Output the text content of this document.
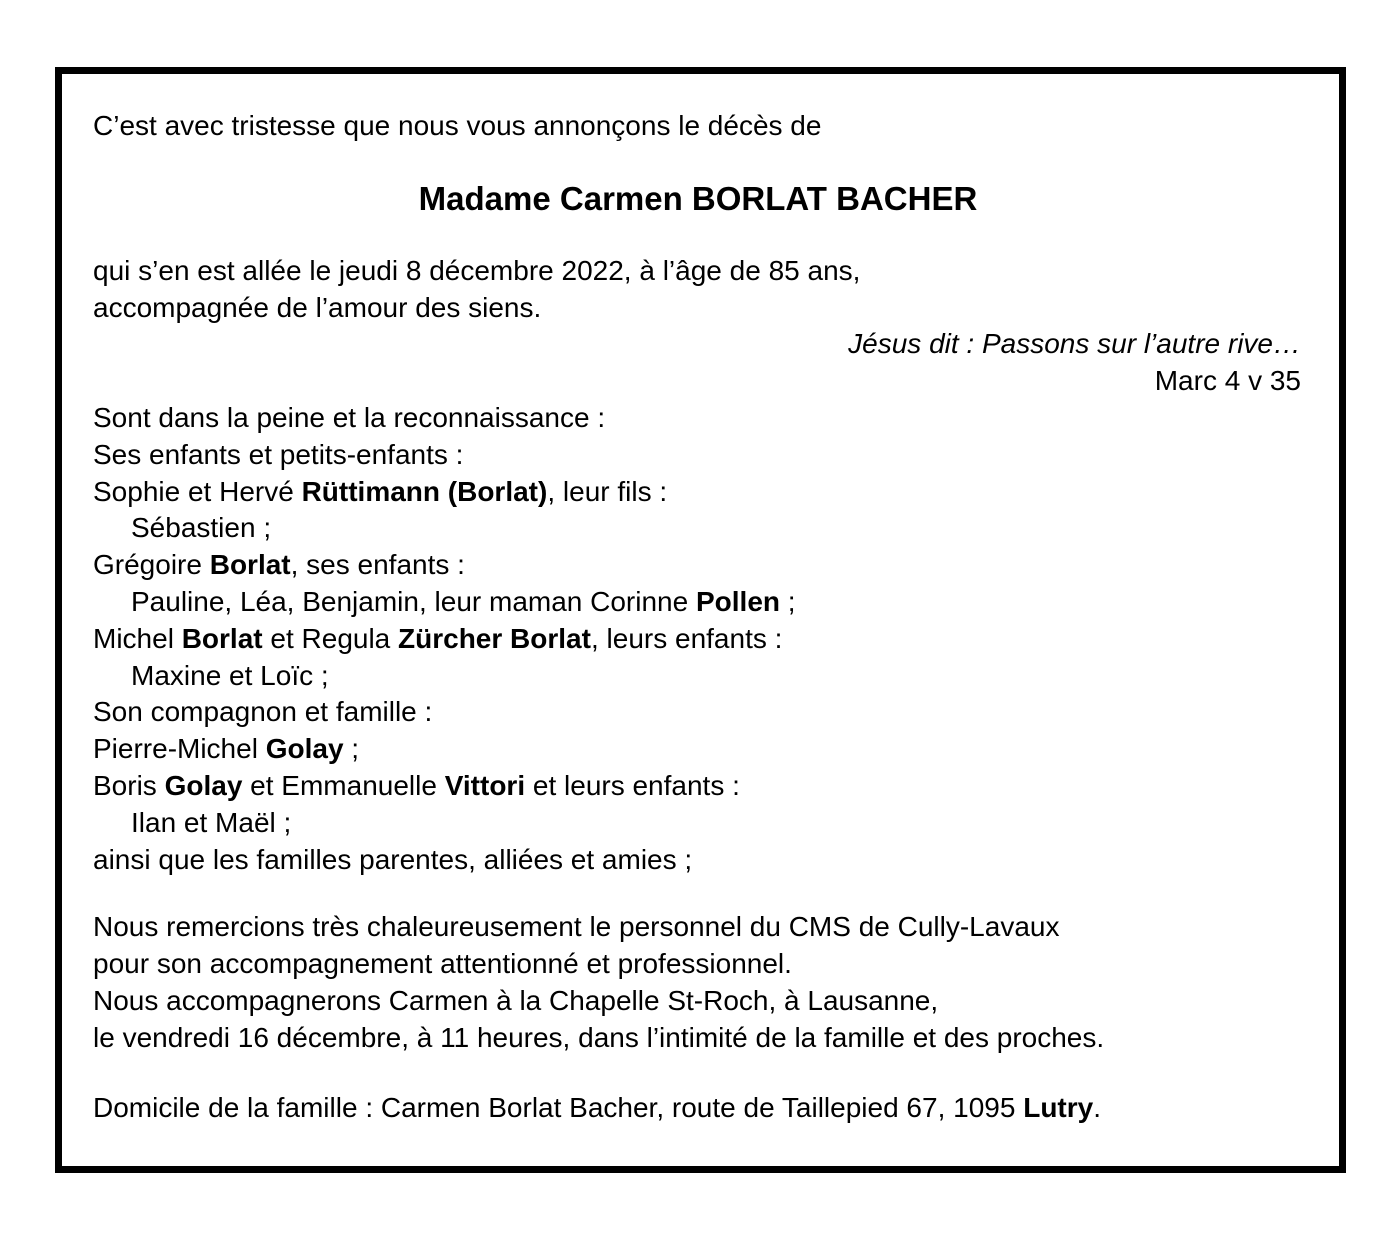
C’est avec tristesse que nous vous annonçons le décès de
Madame Carmen BORLAT BACHER
qui s’en est allée le jeudi 8 décembre 2022, à l’âge de 85 ans,
accompagnée de l’amour des siens.
Jésus dit : Passons sur l’autre rive…
Marc 4 v 35
Sont dans la peine et la reconnaissance :
Ses enfants et petits-enfants :
Sophie et Hervé Rüttimann (Borlat), leur fils :
Sébastien ;
Grégoire Borlat, ses enfants :
Pauline, Léa, Benjamin, leur maman Corinne Pollen ;
Michel Borlat et Regula Zürcher Borlat, leurs enfants :
Maxine et Loïc ;
Son compagnon et famille :
Pierre-Michel Golay ;
Boris Golay et Emmanuelle Vittori et leurs enfants :
Ilan et Maël ;
ainsi que les familles parentes, alliées et amies ;
Nous remercions très chaleureusement le personnel du CMS de Cully-Lavaux
pour son accompagnement attentionné et professionnel.
Nous accompagnerons Carmen à la Chapelle St-Roch, à Lausanne,
le vendredi 16 décembre, à 11 heures, dans l’intimité de la famille et des proches.
Domicile de la famille : Carmen Borlat Bacher, route de Taillepied 67, 1095 Lutry.
